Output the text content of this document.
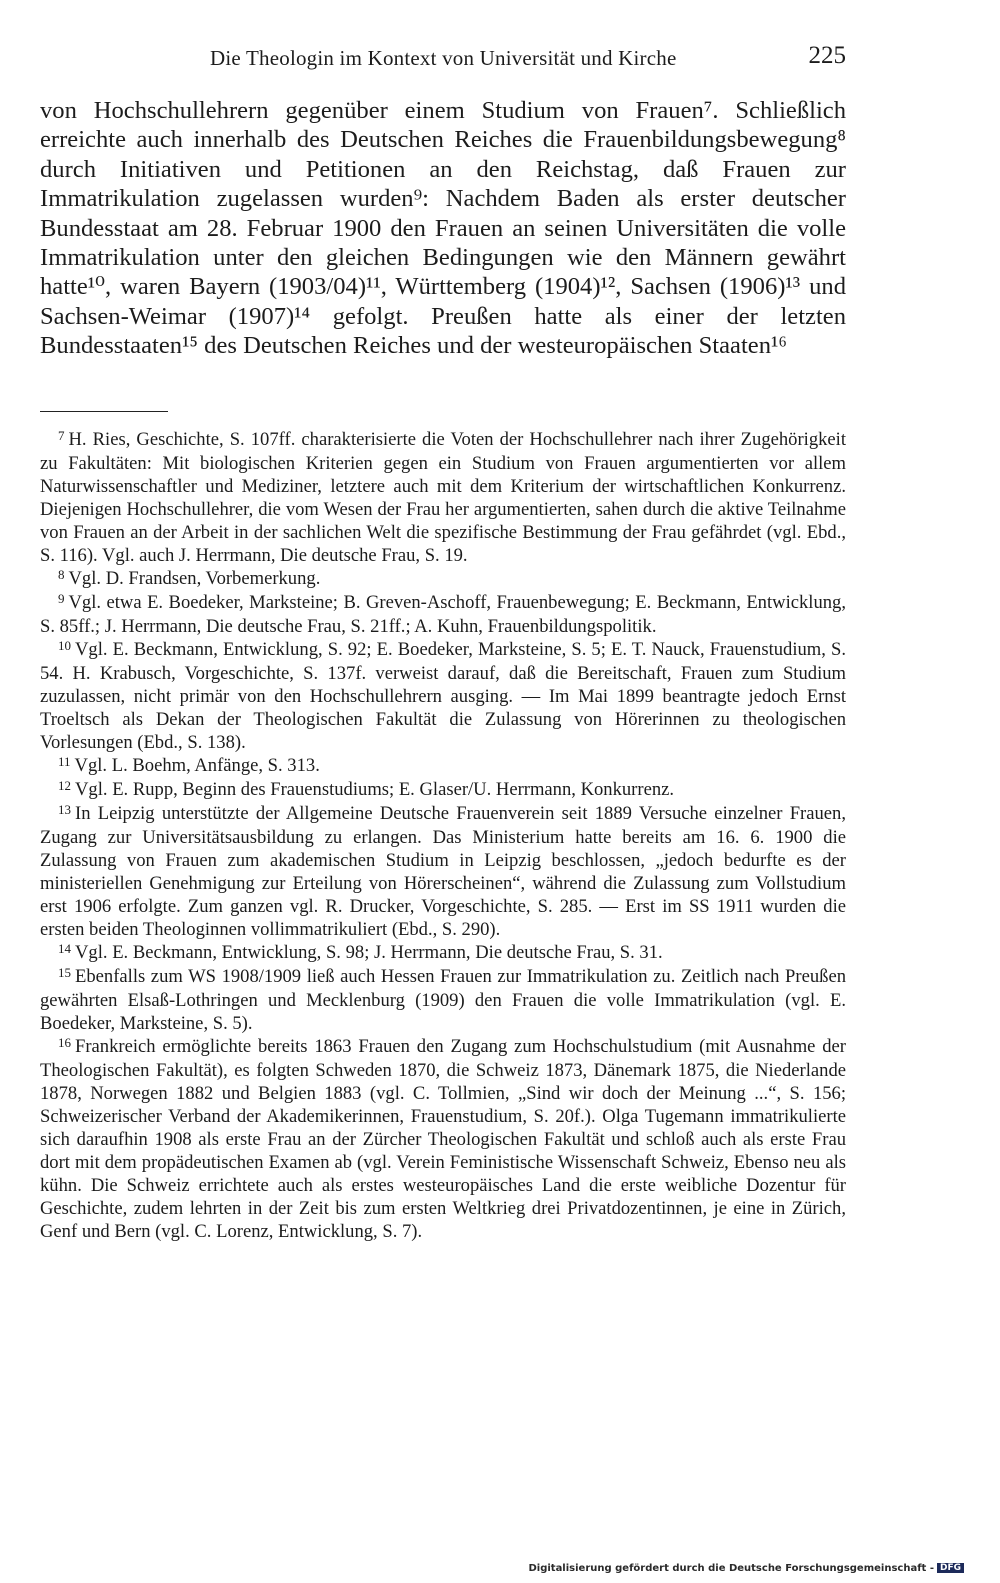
Die Theologin im Kontext von Universität und Kirche	225

von Hochschullehrern gegenüber einem Studium von Frauen⁷. Schließlich erreichte auch innerhalb des Deutschen Reiches die Frauenbildungsbewegung⁸ durch Initiativen und Petitionen an den Reichstag, daß Frauen zur Immatrikulation zugelassen wurden⁹: Nachdem Baden als erster deutscher Bundesstaat am 28. Februar 1900 den Frauen an seinen Universitäten die volle Immatrikulation unter den gleichen Bedingungen wie den Männern gewährt hatte¹⁰, waren Bayern (1903/04)¹¹, Württemberg (1904)¹², Sachsen (1906)¹³ und Sachsen-Weimar (1907)¹⁴ gefolgt. Preußen hatte als einer der letzten Bundesstaaten¹⁵ des Deutschen Reiches und der westeuropäischen Staaten¹⁶

$^7$ H. Ries, Geschichte, S. 107ff. charakterisierte die Voten der Hochschullehrer nach ihrer Zugehörigkeit zu Fakultäten: Mit biologischen Kriterien gegen ein Studium von Frauen argumentierten vor allem Naturwissenschaftler und Mediziner, letztere auch mit dem Kriterium der wirtschaftlichen Konkurrenz. Diejenigen Hochschullehrer, die vom Wesen der Frau her argumentierten, sahen durch die aktive Teilnahme von Frauen an der Arbeit in der sachlichen Welt die spezifische Bestimmung der Frau gefährdet (vgl. Ebd., S. 116). Vgl. auch J. Herrmann, Die deutsche Frau, S. 19.

$^8$ Vgl. D. Frandsen, Vorbemerkung.

$^9$ Vgl. etwa E. Boedeker, Marksteine; B. Greven-Aschoff, Frauenbewegung; E. Beckmann, Entwicklung, S. 85ff.; J. Herrmann, Die deutsche Frau, S. 21ff.; A. Kuhn, Frauenbildungspolitik.

$^{10}$ Vgl. E. Beckmann, Entwicklung, S. 92; E. Boedeker, Marksteine, S. 5; E. T. Nauck, Frauenstudium, S. 54. H. Krabusch, Vorgeschichte, S. 137f. verweist darauf, daß die Bereitschaft, Frauen zum Studium zuzulassen, nicht primär von den Hochschullehrern ausging. — Im Mai 1899 beantragte jedoch Ernst Troeltsch als Dekan der Theologischen Fakultät die Zulassung von Hörerinnen zu theologischen Vorlesungen (Ebd., S. 138).

$^{11}$ Vgl. L. Boehm, Anfänge, S. 313.

$^{12}$ Vgl. E. Rupp, Beginn des Frauenstudiums; E. Glaser/U. Herrmann, Konkurrenz.

$^{13}$ In Leipzig unterstützte der Allgemeine Deutsche Frauenverein seit 1889 Versuche einzelner Frauen, Zugang zur Universitätsausbildung zu erlangen. Das Ministerium hatte bereits am 16. 6. 1900 die Zulassung von Frauen zum akademischen Studium in Leipzig beschlossen, „jedoch bedurfte es der ministeriellen Genehmigung zur Erteilung von Hörerscheinen“, während die Zulassung zum Vollstudium erst 1906 erfolgte. Zum ganzen vgl. R. Drucker, Vorgeschichte, S. 285. — Erst im SS 1911 wurden die ersten beiden Theologinnen vollimmatrikuliert (Ebd., S. 290).

$^{14}$ Vgl. E. Beckmann, Entwicklung, S. 98; J. Herrmann, Die deutsche Frau, S. 31.

$^{15}$ Ebenfalls zum WS 1908/1909 ließ auch Hessen Frauen zur Immatrikulation zu. Zeitlich nach Preußen gewährten Elsaß-Lothringen und Mecklenburg (1909) den Frauen die volle Immatrikulation (vgl. E. Boedeker, Marksteine, S. 5).

$^{16}$ Frankreich ermöglichte bereits 1863 Frauen den Zugang zum Hochschulstudium (mit Ausnahme der Theologischen Fakultät), es folgten Schweden 1870, die Schweiz 1873, Dänemark 1875, die Niederlande 1878, Norwegen 1882 und Belgien 1883 (vgl. C. Tollmien, „Sind wir doch der Meinung ...“, S. 156; Schweizerischer Verband der Akademikerinnen, Frauenstudium, S. 20f.). Olga Tugemann immatrikulierte sich daraufhin 1908 als erste Frau an der Zürcher Theologischen Fakultät und schloß auch als erste Frau dort mit dem propädeutischen Examen ab (vgl. Verein Feministische Wissenschaft Schweiz, Ebenso neu als kühn. Die Schweiz errichtete auch als erstes westeuropäisches Land die erste weibliche Dozentur für Geschichte, zudem lehrten in der Zeit bis zum ersten Weltkrieg drei Privatdozentinnen, je eine in Zürich, Genf und Bern (vgl. C. Lorenz, Entwicklung, S. 7).

Digitalisierung gefördert durch die Deutsche Forschungsgemeinschaft - DFG
